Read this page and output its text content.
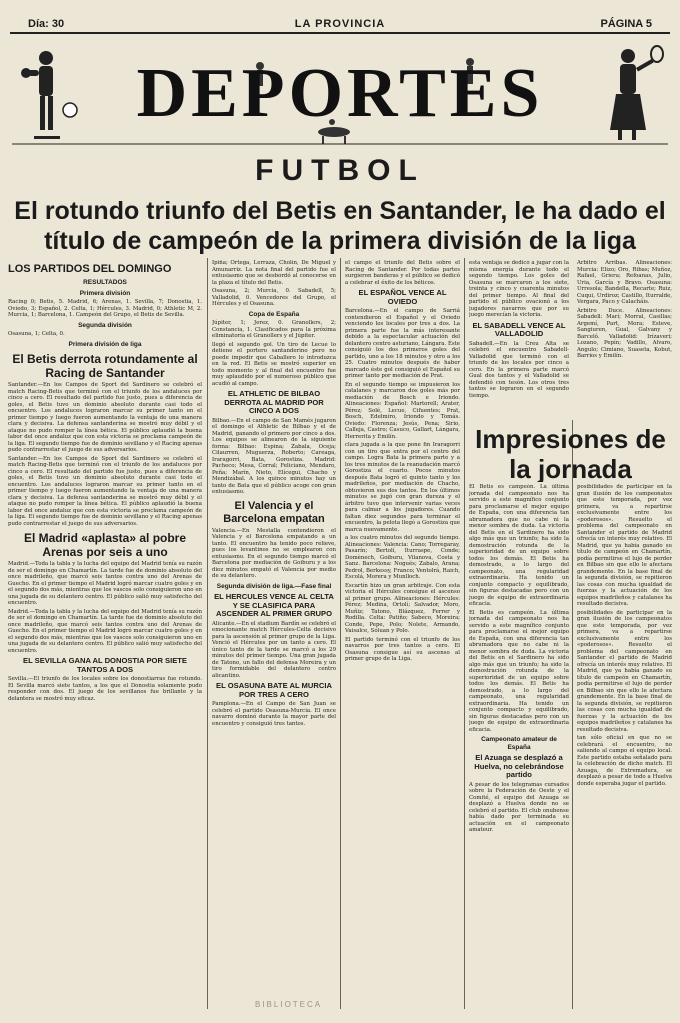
Día: 30	LA PROVINCIA	PÁGINA 5
DEPORTES
FUTBOL
El rotundo triunfo del Betis en Santander, le ha dado el
título de campeón de la primera división de la liga
LOS PARTIDOS DEL DOMINGO
RESULTADOS
Primera división

Racing 0; Betis, 5. Madrid, 6; Arenas, 1. Sevilla, 7; Donostia, 1. Oviedo, 3; Español, 2. Celta, 1; Hércules, 3. Madrid, 0; Athletic M, 2. Murcia, 1; Barcelona, 1. Campeón del Grupo, el Betis de Sevilla.

Segunda división

Osasuna, 1; Celta, 0.

Primera división de liga
El Betis derrota rotundamente al Racing de Santander

Santander.—En los Campos de Sport del Sardinero se celebró el match Racing-Betis que terminó con el triunfo de los andaluces por cinco a cero. El resultado del partido fue justo, pues a diferencia de goles, el Betis tuvo un dominio absoluto durante casi todo el encuentro. Los andaluces lograron marcar su primer tanto en el primer tiempo y luego fueron aumentando la ventaja de una manera clara y decisiva. La defensa santanderina se mostró muy débil y el ataque no pudo romper la línea bética. El público aplaudió la buena labor del once andaluz que con esta victoria se proclama campeón de la liga. El segundo tiempo fue de dominio sevillano y el Racing apenas pudo contrarrestar el juego de sus adversarios.

Santander.—En los Campos de Sport del Sardinero se celebró el match Racing-Betis que terminó con el triunfo de los andaluces por cinco a cero. El resultado del partido fue justo, pues a diferencia de goles, el Betis tuvo un dominio absoluto durante casi todo el encuentro. Los andaluces lograron marcar su primer tanto en el primer tiempo y luego fueron aumentando la ventaja de una manera clara y decisiva. La defensa santanderina se mostró muy débil y el ataque no pudo romper la línea bética. El público aplaudió la buena labor del once andaluz que con esta victoria se proclama campeón de la liga. El segundo tiempo fue de dominio sevillano y el Racing apenas pudo contrarrestar el juego de sus adversarios.

El Madrid «aplasta» al pobre Arenas por seis a uno

Madrid.—Toda la tabla y la lucha del equipo del Madrid tenía su razón de ser el domingo en Chamartín. La tarde fue de dominio absoluto del once madrileño, que marcó seis tantos contra uno del Arenas de Guecho. En el primer tiempo el Madrid logró marcar cuatro goles y en el segundo dos más, mientras que los vascos solo consiguieron uno en una jugada de su delantero centro. El público salió muy satisfecho del encuentro.

Madrid.—Toda la tabla y la lucha del equipo del Madrid tenía su razón de ser el domingo en Chamartín. La tarde fue de dominio absoluto del once madrileño, que marcó seis tantos contra uno del Arenas de Guecho. En el primer tiempo el Madrid logró marcar cuatro goles y en el segundo dos más, mientras que los vascos solo consiguieron uno en una jugada de su delantero centro. El público salió muy satisfecho del encuentro.

EL SEVILLA GANA AL DONOSTIA POR SIETE TANTOS A DOS

Sevilla.—El triunfo de los locales sobre los donostiarras fue rotundo. El Sevilla marcó siete tantos, a los que el Donostia solamente pudo responder con dos. El juego de los sevillanos fue brillante y la delantera se mostró muy eficaz.

Ipiña; Ortega, Lerraza, Cholín, De Miguel y Amunarriz. La nota final del partido fue el entusiasmo que se desbordó al conocerse en la plaza el título del Betis.

Osasuna, 2; Murcia, 0. Sabadell, 5; Valladolid, 0. Vencedores del Grupo, el Hércules y el Osasuna.

Copa de España

Júpiter, 1; Jerez, 0. Granollers, 2; Constancia, 1. Clasificados para la próxima eliminatoria el Granollers y el Júpiter.

llegó el segundo gol. Un tiro de Lecue lo detiene el portero santanderino pero no puede impedir que Caballero lo introduzca en la red. El Betis se mostró superior en todo momento y al final del encuentro fue muy aplaudido por el numeroso público que acudió al campo.

EL ATHLETIC DE BILBAO DERROTA AL MADRID POR CINCO A DOS

Bilbao.—En el campo de San Mamés jugaron el domingo el Athletic de Bilbao y el de Madrid, ganando el primero por cinco a dos. Los equipos se alinearon de la siguiente forma: Bilbao: Espina; Zabala, Oceja; Cilaurren, Muguerza, Roberto; Careaga, Iraragorri, Bata, Gorostiza. Madrid: Pacheco; Mesa, Corral; Feliciano, Mendaro, Peña; Marín, Nieto, Elícegui, Chacho y Mendizábal. A los quince minutos hay un tanto de Bata que el público acoge con gran entusiasmo.

El Valencia y el Barcelona empatan

Valencia.—En Mestalla contendieron el Valencia y el Barcelona empatando a un tanto. El encuentro ha tenido poco relieve, pues los levantinos no se emplearon con entusiasmo. En el segundo tiempo marcó el Barcelona por mediación de Goiburu y a los diez minutos empató el Valencia por medio de su delantero.

Segunda división de liga.—Fase final
EL HERCULES VENCE AL CELTA Y SE CLASIFICA PARA ASCENDER AL PRIMER GRUPO

Alicante.—En el stadium Bardín se celebró el emocionante match Hércules-Celta decisivo para la ascensión al primer grupo de la Liga. Venció el Hércules por un tanto a cero. El único tanto de la tarde se marcó a los 29 minutos del primer tiempo. Una gran jugada de Tatono, un fallo del defensa Moreira y un tiro formidable del delantero centro alicantino.

EL OSASUNA BATE AL MURCIA POR TRES A CERO

Pamplona.—En el Campo de San Juan se celebró el partido Osasuna-Murcia. El once navarro dominó durante la mayor parte del encuentro y consiguió tres tantos.

el campo el triunfo del Betis sobre el Racing de Santander. Por todas partes surgieron banderas y el público se dedicó a celebrar el éxito de los béticos.

EL ESPAÑOL VENCE AL OVIEDO

Barcelona.—En el campo de Sarriá contendieron el Español y el Oviedo venciendo los locales por tres a dos. La primera parte fue la más interesante debido a la espectacular actuación del delantero centro asturiano, Lángara. Éste consiguió los dos primeros goles del partido, uno a los 18 minutos y otro a los 25. Cuatro minutos después de haber marcado éste gol consiguió el Español su primer tanto por mediación de Prat.

En el segundo tiempo se impusieron los catalanes y marcaron dos goles más por mediación de Bosch e Iriondo. Alineaciones: Español: Martorell; Arater, Pérez; Solé, Lecue, Cifuentes; Prat, Bosch, Edelmiro, Iriondo y Tomás. Oviedo: Florenza; Jesús, Pena; Sirio, Calleja, Castro; Casuco, Gallart, Lángara, Herrerita y Emilín.

clara jugada a la que pone fin Iraragorri con un tiro que entra por el centro del campo. Logra Bata la primera parte y a los tres minutos de la reanudación marcó Gorostiza el cuarto. Pocos minutos después Bata logró el quinto tanto y los madrileños, por mediación de Chacho, obtuvieron sus dos tantos. En los últimos minutos se jugó con gran dureza y el árbitro tuvo que intervenir varias veces para calmar a los jugadores. Cuando faltan diez segundos para terminar el encuentro, la pelota llegó a Gorostiza que marca nuevamente.

a los cuatro minutos del segundo tiempo. Alineaciones: Valencia: Cano; Torregaray, Pasarín; Bertolí, Iturraspe, Conde; Domènech, Goiburu, Vilanova, Costa y Sanz. Barcelona: Nogués; Zabalo, Arana; Pedrol, Berkessy, Franco; Ventolrá, Raich, Escolá, Morera y Munlloch.

Escartín hizo un gran arbitraje. Con esta victoria el Hércules consigue el ascenso al primer grupo. Alineaciones: Hércules: Pérez; Medina, Ortolí; Salvador, Moro, Muñiz; Tatono, Blázquez, Ferrer y Rodilla. Celta: Patiño; Sabeco, Moreira; Conde, Pepe, Polo; Nolete, Armando, Vaisalce, Sóluan y Polo.

El partido terminó con el triunfo de los navarros por tres tantos a cero. El Osasuna consigue así su ascenso al primer grupo de la Liga.

esta ventaja se dedicó a jugar con la misma energía durante todo el segundo tiempo. Los goles del Osasuna se marcaron a los siete, treinta y cinco y cuarenta minutos del primer tiempo. Al final del partido el público ovacionó a los jugadores navarros que por su juego merecían la victoria.

EL SABADELL VENCE AL VALLADOLID

Sabadell.—En la Creu Alta se celebró el encuentro Sabadell-Valladolid que terminó con el triunfo de los locales por cinco a cero. En la primera parte marcó Gual dos tantos y el Valladolid se defendió con tesón. Los otros tres tantos se lograron en el segundo tiempo.

Árbitro Arribas. Alineaciones: Murcia: Elizo; Oro, Ribas; Muñoz, Rafael, Griera; Refoanas, Julio, Uria, García y Bravo. Osasuna: Urresola; Bandella, Recarte; Ruiz, Cuqui, Urdiroz; Castillo, Iturralde, Vergara, Paco y Calacháis.

Árbitro Duce. Alineaciones: Sabadell: Marí; Morral, Casillas; Argemí, Part, Mora; Esteve, Sangiuren, Gual, Galvany y Barceló. Valladolid: Irízaveri; Lozano, Pepín; Vadillo, Alvaro, Angulo; Cimiano, Suaseta, Kobut, Barrios y Emilín.

Impresiones de la jornada

El Betis es campeón. La última jornada del campeonato nos ha servido a este magnífico conjunto para proclamarse el mejor equipo de España, con una diferencia tan abrumadora que no cabe ni la menor sombra de duda. La victoria del Betis en el Sardinero ha sido algo más que un triunfo; ha sido la demostración rotunda de la superioridad de un equipo sobre todos los demás. El Betis ha demostrado, a lo largo del campeonato, una regularidad extraordinaria. Ha tenido un conjunto compacto y equilibrado, sin figuras destacadas pero con un juego de equipo de extraordinaria eficacia.

El Betis es campeón. La última jornada del campeonato nos ha servido a este magnífico conjunto para proclamarse el mejor equipo de España, con una diferencia tan abrumadora que no cabe ni la menor sombra de duda. La victoria del Betis en el Sardinero ha sido algo más que un triunfo; ha sido la demostración rotunda de la superioridad de un equipo sobre todos los demás. El Betis ha demostrado, a lo largo del campeonato, una regularidad extraordinaria. Ha tenido un conjunto compacto y equilibrado, sin figuras destacadas pero con un juego de equipo de extraordinaria eficacia.

Campeonato amateur de España
El Azuaga se desplazó a Huelva, no celebrándose partido

A pesar de los telegramas cursados sobre la Federación de Oeste y el Comité, el equipo del Azuaga se desplazó a Huelva donde no se celebró el partido. El club onubense había dado por terminada su actuación en el campeonato amateur.

posibilidades de participar en la gran ilusión de los campeonatos que este temporada, por vez primera, va a repartirse exclusivamente entre los «poderosos». Resuelto el problema del campeonato en Santander el partido de Madrid ofrecía un interés muy relativo. El Madrid, que ya había ganado su título de campeón en Chamartín, podía permitirse el lujo de perder en Bilbao sin que ello le afectara grandemente. En la base final de la segunda división, se repitieron las cosas con mucha igualdad de fuerzas y la actuación de los equipos madrileños y catalanes ha resultado decisiva.

posibilidades de participar en la gran ilusión de los campeonatos que este temporada, por vez primera, va a repartirse exclusivamente entre los «poderosos». Resuelto el problema del campeonato en Santander el partido de Madrid ofrecía un interés muy relativo. El Madrid, que ya había ganado su título de campeón en Chamartín, podía permitirse el lujo de perder en Bilbao sin que ello le afectara grandemente. En la base final de la segunda división, se repitieron las cosas con mucha igualdad de fuerzas y la actuación de los equipos madrileños y catalanes ha resultado decisiva.

tan sólo oficial en que no se celebrará el encuentro, no saliendo al campo el equipo local. Este partido estaba señalado para la celebración de dicho match. El Azuaga, de Extremadura, se desplazó a pesar de todo a Huelva donde esperaba jugar el partido.

BIBLIOTECA
